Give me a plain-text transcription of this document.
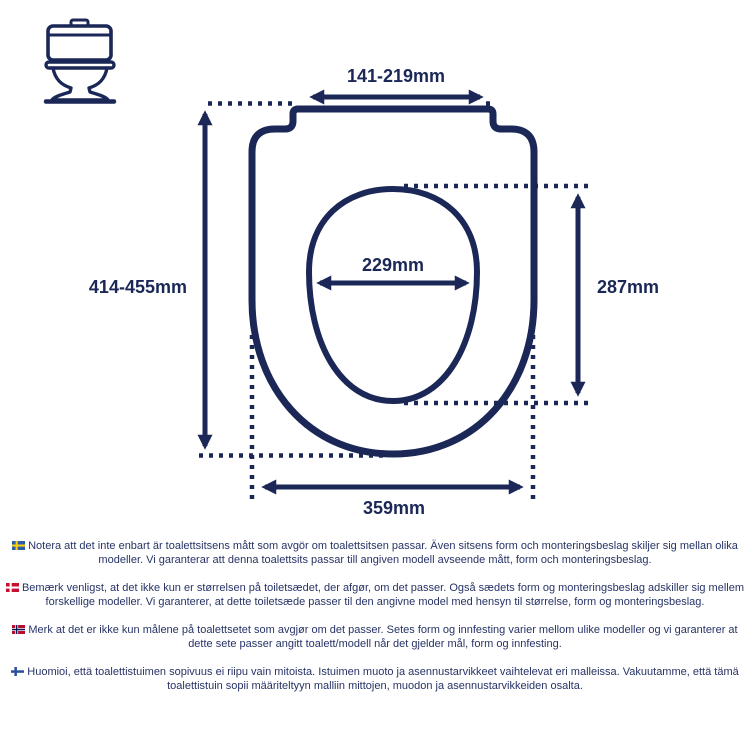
141-219mm
414-455mm
229mm
287mm
359mm

Notera att det inte enbart är toalettsitsens mått som avgör om toalettsitsen passar. Även sitsens form och monteringsbeslag skiljer sig mellan olika modeller. Vi garanterar att denna toalettsits passar till angiven modell avseende mått, form och monteringsbeslag.

Bemærk venligst, at det ikke kun er størrelsen på toiletsædet, der afgør, om det passer. Også sædets form og monteringsbeslag adskiller sig mellem forskellige modeller. Vi garanterer, at dette toiletsæde passer til den angivne model med hensyn til størrelse, form og monteringsbeslag.

Merk at det er ikke kun målene på toalettsetet som avgjør om det passer. Setes form og innfesting varier mellom ulike modeller og vi garanterer at dette sete passer angitt toalett/modell når det gjelder mål, form og innfesting.

Huomioi, että toalettistuimen sopivuus ei riipu vain mitoista. Istuimen muoto ja asennustarvikkeet vaihtelevat eri malleissa. Vakuutamme, että tämä toalettistuin sopii määriteltyyn malliin mittojen, muodon ja asennustarvikkeiden osalta.
